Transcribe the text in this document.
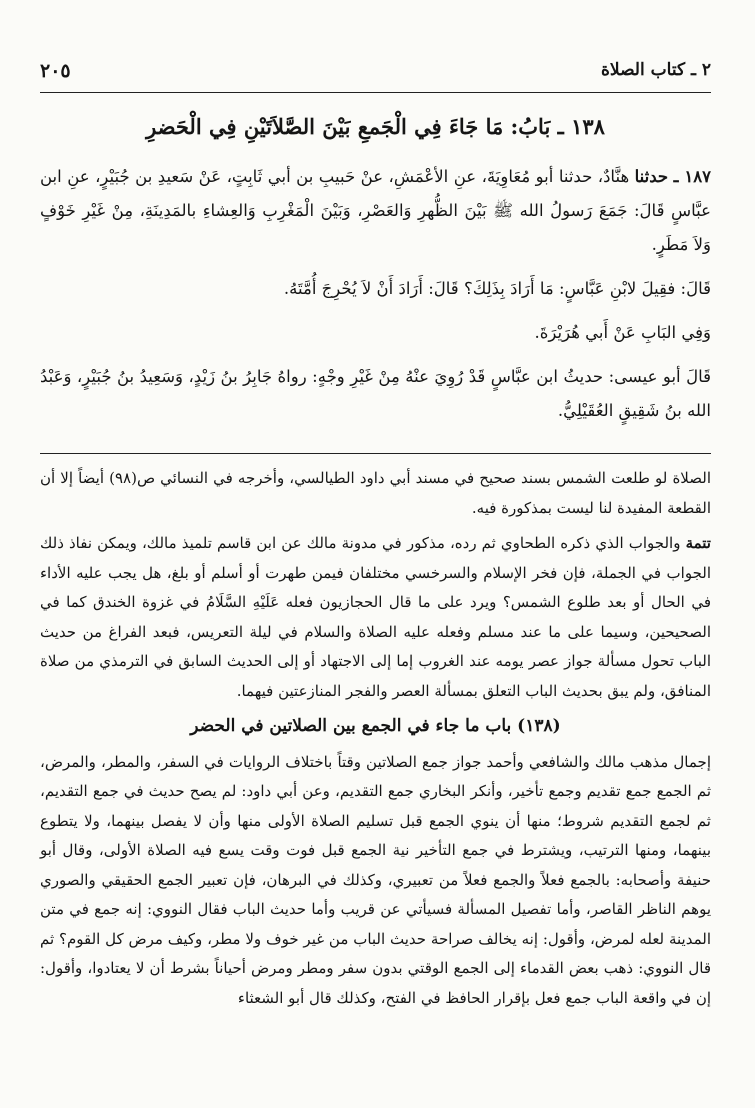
٢٠٥	٢ ـ كتاب الصلاة
١٣٨ ـ بَابُ: مَا جَاءَ فِي الْجَمعِ بَيْنَ الصَّلاَتَيْنِ فِي الْحَضرِ

١٨٧ ـ حدثنا هنَّادٌ، حدثنا أبو مُعَاوِيَةَ، عنِ الأعْمَشِ، عنْ حَبيبِ بن أبي ثَابِتٍ، عَنْ سَعيدِ بن جُبَيْرٍ، عنِ ابن عبَّاسٍ قَالَ: جَمَعَ رَسولُ الله ﷺ بَيْنَ الظُّهرِ وَالعَصْرِ، وَبَيْنَ الْمَغْرِبِ وَالعِشاءِ بالمَدِينَةِ، مِنْ غَيْرِ خَوْفٍ وَلاَ مَطَرٍ.

قَالَ: فقِيلَ لابْنِ عَبَّاسٍ: مَا أَرَادَ بِذَلِكَ؟ قَالَ: أَرَادَ أَنْ لاَ يُحْرِجَ أُمَّتَهُ.

وَفِي البَابِ عَنْ أَبي هُرَيْرَةَ.

قَالَ أبو عيسى: حديثُ ابن عبَّاسٍ قَدْ رُوِيَ عنْهُ مِنْ غَيْرِ وجْهٍ: رواهُ جَابِرُ بنُ زَيْدٍ، وَسَعِيدُ بنُ جُبَيْرٍ، وَعَبْدُ الله بنُ شَقِيقٍ العُقَيْلِيُّ.

الصلاة لو طلعت الشمس بسند صحيح في مسند أبي داود الطيالسي، وأخرجه في النسائي ص(٩٨) أيضاً إلا أن القطعة المفيدة لنا ليست بمذكورة فيه.

تتمة والجواب الذي ذكره الطحاوي ثم رده، مذكور في مدونة مالك عن ابن قاسم تلميذ مالك، ويمكن نفاذ ذلك الجواب في الجملة، فإن فخر الإسلام والسرخسي مختلفان فيمن طهرت أو أسلم أو بلغ، هل يجب عليه الأداء في الحال أو بعد طلوع الشمس؟ ويرد على ما قال الحجازيون فعله عَلَيْهِ السَّلَامُ في غزوة الخندق كما في الصحيحين، وسيما على ما عند مسلم وفعله عليه الصلاة والسلام في ليلة التعريس، فبعد الفراغ من حديث الباب تحول مسألة جواز عصر يومه عند الغروب إما إلى الاجتهاد أو إلى الحديث السابق في الترمذي من صلاة المنافق، ولم يبق بحديث الباب التعلق بمسألة العصر والفجر المنازعتين فيهما.

(١٣٨) باب ما جاء في الجمع بين الصلاتين في الحضر

إجمال مذهب مالك والشافعي وأحمد جواز جمع الصلاتين وقتاً باختلاف الروايات في السفر، والمطر، والمرض، ثم الجمع جمع تقديم وجمع تأخير، وأنكر البخاري جمع التقديم، وعن أبي داود: لم يصح حديث في جمع التقديم، ثم لجمع التقديم شروط؛ منها أن ينوي الجمع قبل تسليم الصلاة الأولى منها وأن لا يفصل بينهما، ولا يتطوع بينهما، ومنها الترتيب، ويشترط في جمع التأخير نية الجمع قبل فوت وقت يسع فيه الصلاة الأولى، وقال أبو حنيفة وأصحابه: بالجمع فعلاً والجمع فعلاً من تعبيري، وكذلك في البرهان، فإن تعبير الجمع الحقيقي والصوري يوهم الناظر القاصر، وأما تفصيل المسألة فسيأتي عن قريب وأما حديث الباب فقال النووي: إنه جمع في متن المدينة لعله لمرض، وأقول: إنه يخالف صراحة حديث الباب من غير خوف ولا مطر، وكيف مرض كل القوم؟ ثم قال النووي: ذهب بعض القدماء إلى الجمع الوقتي بدون سفر ومطر ومرض أحياناً بشرط أن لا يعتادوا، وأقول: إن في واقعة الباب جمع فعل بإقرار الحافظ في الفتح، وكذلك قال أبو الشعثاء
